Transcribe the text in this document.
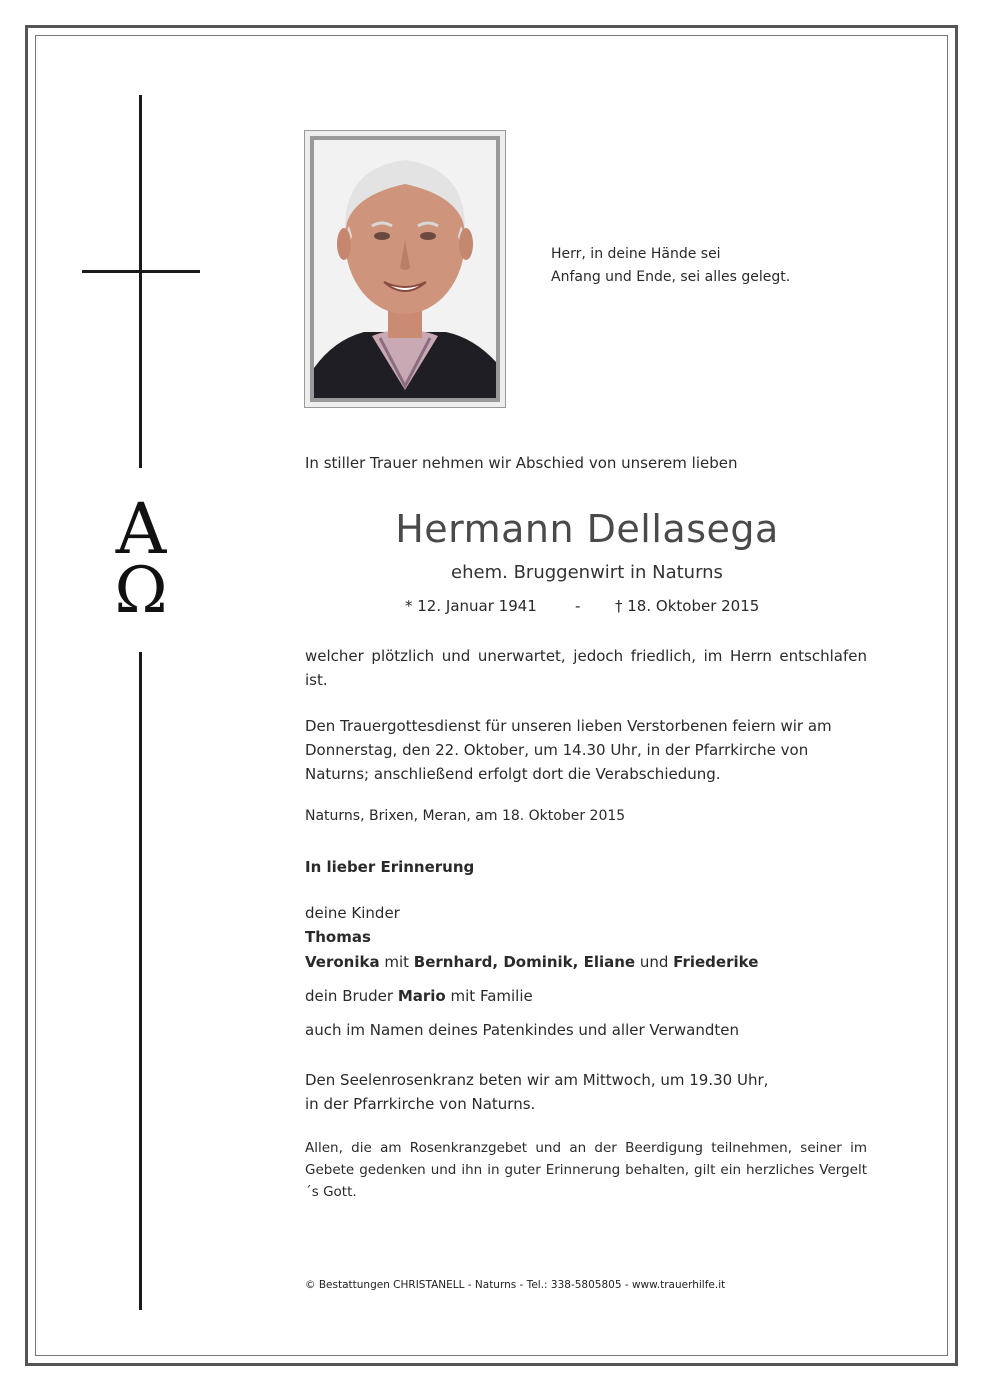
A
Ω
Herr, in deine Hände sei
Anfang und Ende, sei alles gelegt.
In stiller Trauer nehmen wir Abschied von unserem lieben
Hermann Dellasega
ehem. Bruggenwirt in Naturns
* 12. Januar 1941	- † 18. Oktober 2015
welcher plötzlich und unerwartet, jedoch friedlich, im Herrn entschlafen ist.
Den Trauergottesdienst für unseren lieben Verstorbenen feiern wir am Donnerstag, den 22. Oktober, um 14.30 Uhr, in der Pfarrkirche von Naturns; anschließend erfolgt dort die Verabschiedung.
Naturns, Brixen, Meran, am 18. Oktober 2015
In lieber Erinnerung
deine Kinder
Thomas
Veronika mit Bernhard, Dominik, Eliane und Friederike
dein Bruder Mario mit Familie
auch im Namen deines Patenkindes und aller Verwandten
Den Seelenrosenkranz beten wir am Mittwoch, um 19.30 Uhr,
in der Pfarrkirche von Naturns.
Allen, die am Rosenkranzgebet und an der Beerdigung teilnehmen, seiner im Gebete gedenken und ihn in guter Erinnerung behalten, gilt ein herzliches Vergelt´s Gott.
© Bestattungen CHRISTANELL - Naturns - Tel.: 338-5805805 - www.trauerhilfe.it
